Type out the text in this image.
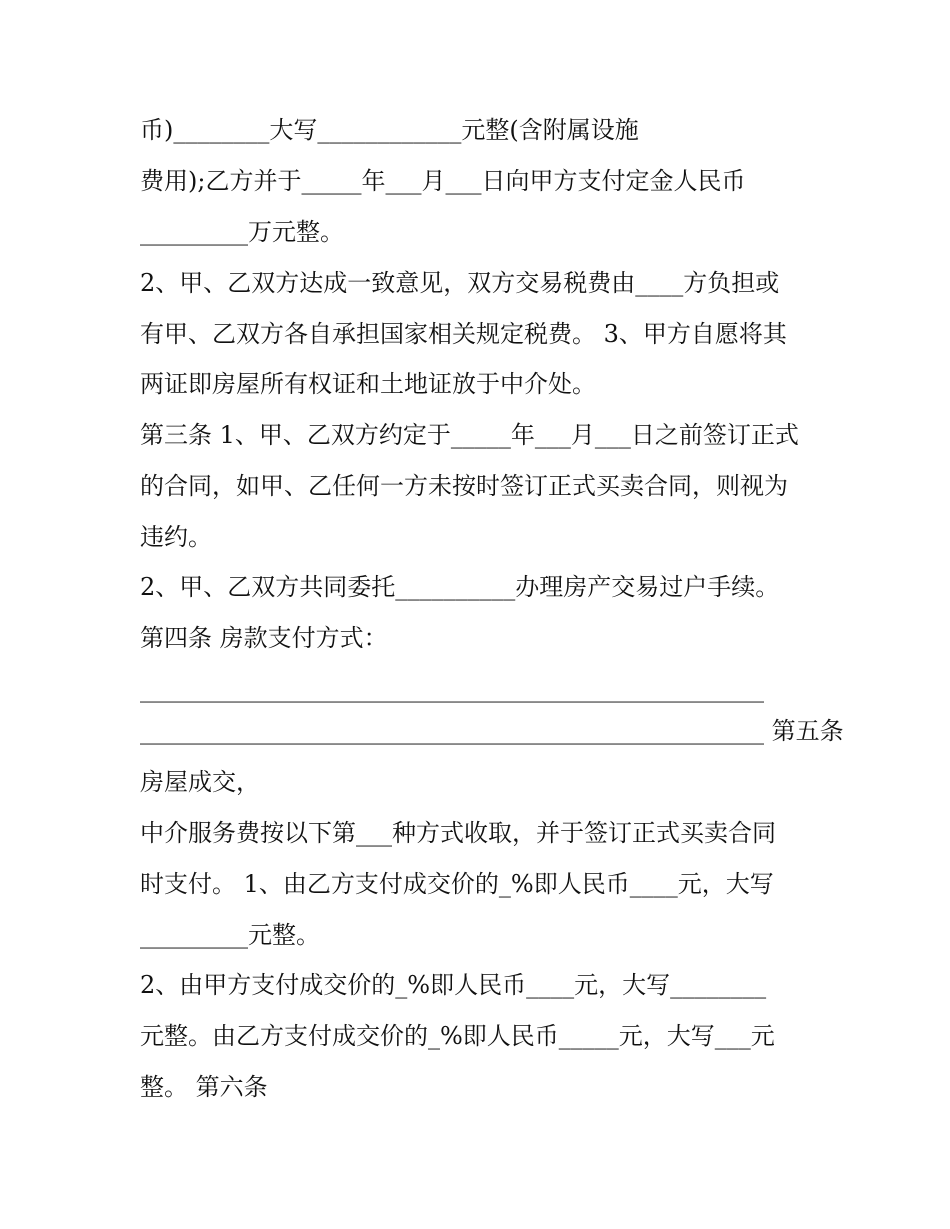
币)________大写____________元整(含附属设施
费用);乙方并于_____年___月___日向甲方支付定金人民币
_________万元整。
2、甲、乙双方达成一致意见，双方交易税费由____方负担或
有甲、乙双方各自承担国家相关规定税费。 3、甲方自愿将其
两证即房屋所有权证和土地证放于中介处。
第三条 1、甲、乙双方约定于_____年___月___日之前签订正式
的合同，如甲、乙任何一方未按时签订正式买卖合同，则视为
违约。
2、甲、乙双方共同委托__________办理房产交易过户手续。
第四条 房款支付方式：
____________________________________________________
____________________________________________________ 第五条
房屋成交，
中介服务费按以下第___种方式收取，并于签订正式买卖合同
时支付。 1、由乙方支付成交价的_%即人民币____元，大写
_________元整。
2、由甲方支付成交价的_%即人民币____元，大写________
元整。由乙方支付成交价的_%即人民币_____元，大写___元
整。 第六条
